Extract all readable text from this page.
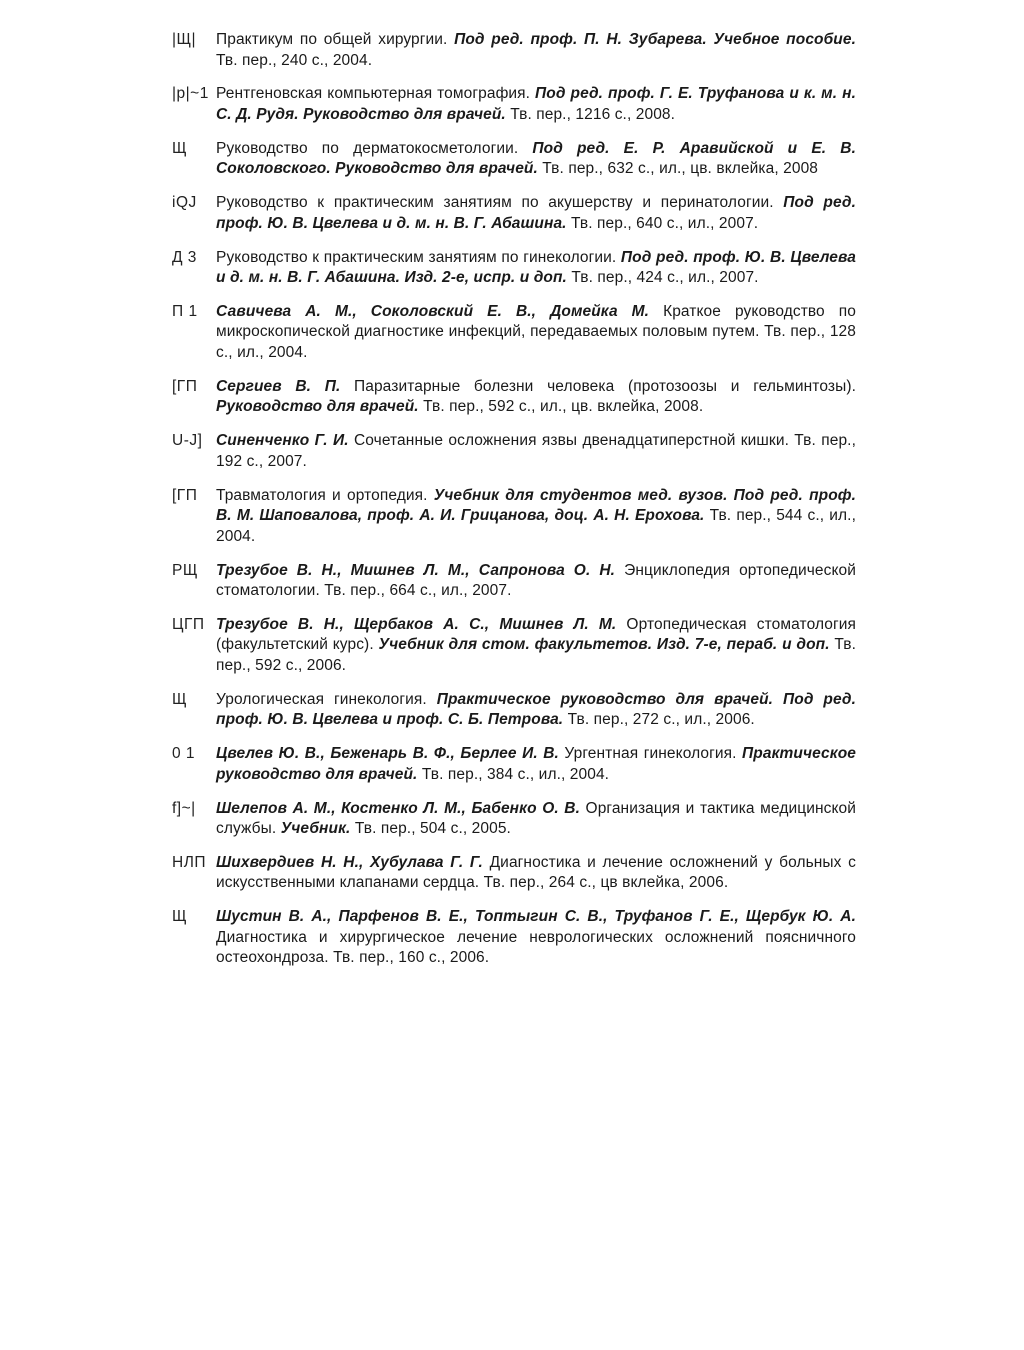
|Щ|	Практикум по общей хирургии. Под ред. проф. П. Н. Зубарева. Учебное пособие. Тв. пер., 240 с., 2004.
|p|~1 Рентгеновская компьютерная томография. Под ред. проф. Г. Е. Труфанова и к. м. н. С. Д. Рудя. Руководство для врачей. Тв. пер., 1216 с., 2008.
Щ	Руководство по дерматокосметологии. Под ред. Е. Р. Аравийской и Е. В. Соколовского. Руководство для врачей. Тв. пер., 632 с., ил., цв. вклейка, 2008
iQJ	Руководство к практическим занятиям по акушерству и перинатологии. Под ред. проф. Ю. В. Цвелева и д. м. н. В. Г. Абашина. Тв. пер., 640 с., ил., 2007.
Д 3	Руководство к практическим занятиям по гинекологии. Под ред. проф. Ю. В. Цвелева и д. м. н. В. Г. Абашина. Изд. 2-е, испр. и доп. Тв. пер., 424 с., ил., 2007.
П 1	Савичева А. М., Соколовский Е. В., Домейка М. Краткое руководство по микроскопической диагностике инфекций, передаваемых половым путем. Тв. пер., 128 с., ил., 2004.
[ГП	Сергиев В. П. Паразитарные болезни человека (протозоозы и гельминтозы). Руководство для врачей. Тв. пер., 592 с., ил., цв. вклейка, 2008.
U-J] Синенченко Г. И. Сочетанные осложнения язвы двенадцатиперстной кишки. Тв. пер., 192 с., 2007.
[ГП	Травматология и ортопедия. Учебник для студентов мед. вузов. Под ред. проф. В. М. Шаповалова, проф. А. И. Грицанова, доц. А. Н. Ерохова. Тв. пер., 544 с., ил., 2004.
РЩ	Трезубое В. Н., Мишнев Л. М., Сапронова О. Н. Энциклопедия ортопедической стоматологии. Тв. пер., 664 с., ил., 2007.
ЦГП Трезубое В. Н., Щербаков А. С., Мишнев Л. М. Ортопедическая стоматология (факультетский курс). Учебник для стом. факультетов. Изд. 7-е, пераб. и доп. Тв. пер., 592 с., 2006.
Щ	Урологическая гинекология. Практическое руководство для врачей. Под ред. проф. Ю. В. Цвелева и проф. С. Б. Петрова. Тв. пер., 272 с., ил., 2006.
0 1	Цвелев Ю. В., Беженарь В. Ф., Берлее И. В. Ургентная гинекология. Практическое руководство для врачей. Тв. пер., 384 с., ил., 2004.
f]~|	Шелепов А. М., Костенко Л. М., Бабенко О. В. Организация и тактика медицинской службы. Учебник. Тв. пер., 504 с., 2005.
НЛП Шихвердиев Н. Н., Хубулава Г. Г. Диагностика и лечение осложнений у больных с искусственными клапанами сердца. Тв. пер., 264 с., цв вклейка, 2006.
Щ	Шустин В. А., Парфенов В. Е., Топтыгин С. В., Труфанов Г. Е., Щербук Ю. А. Диагностика и хирургическое лечение неврологических осложнений поясничного остеохондроза. Тв. пер., 160 с., 2006.
